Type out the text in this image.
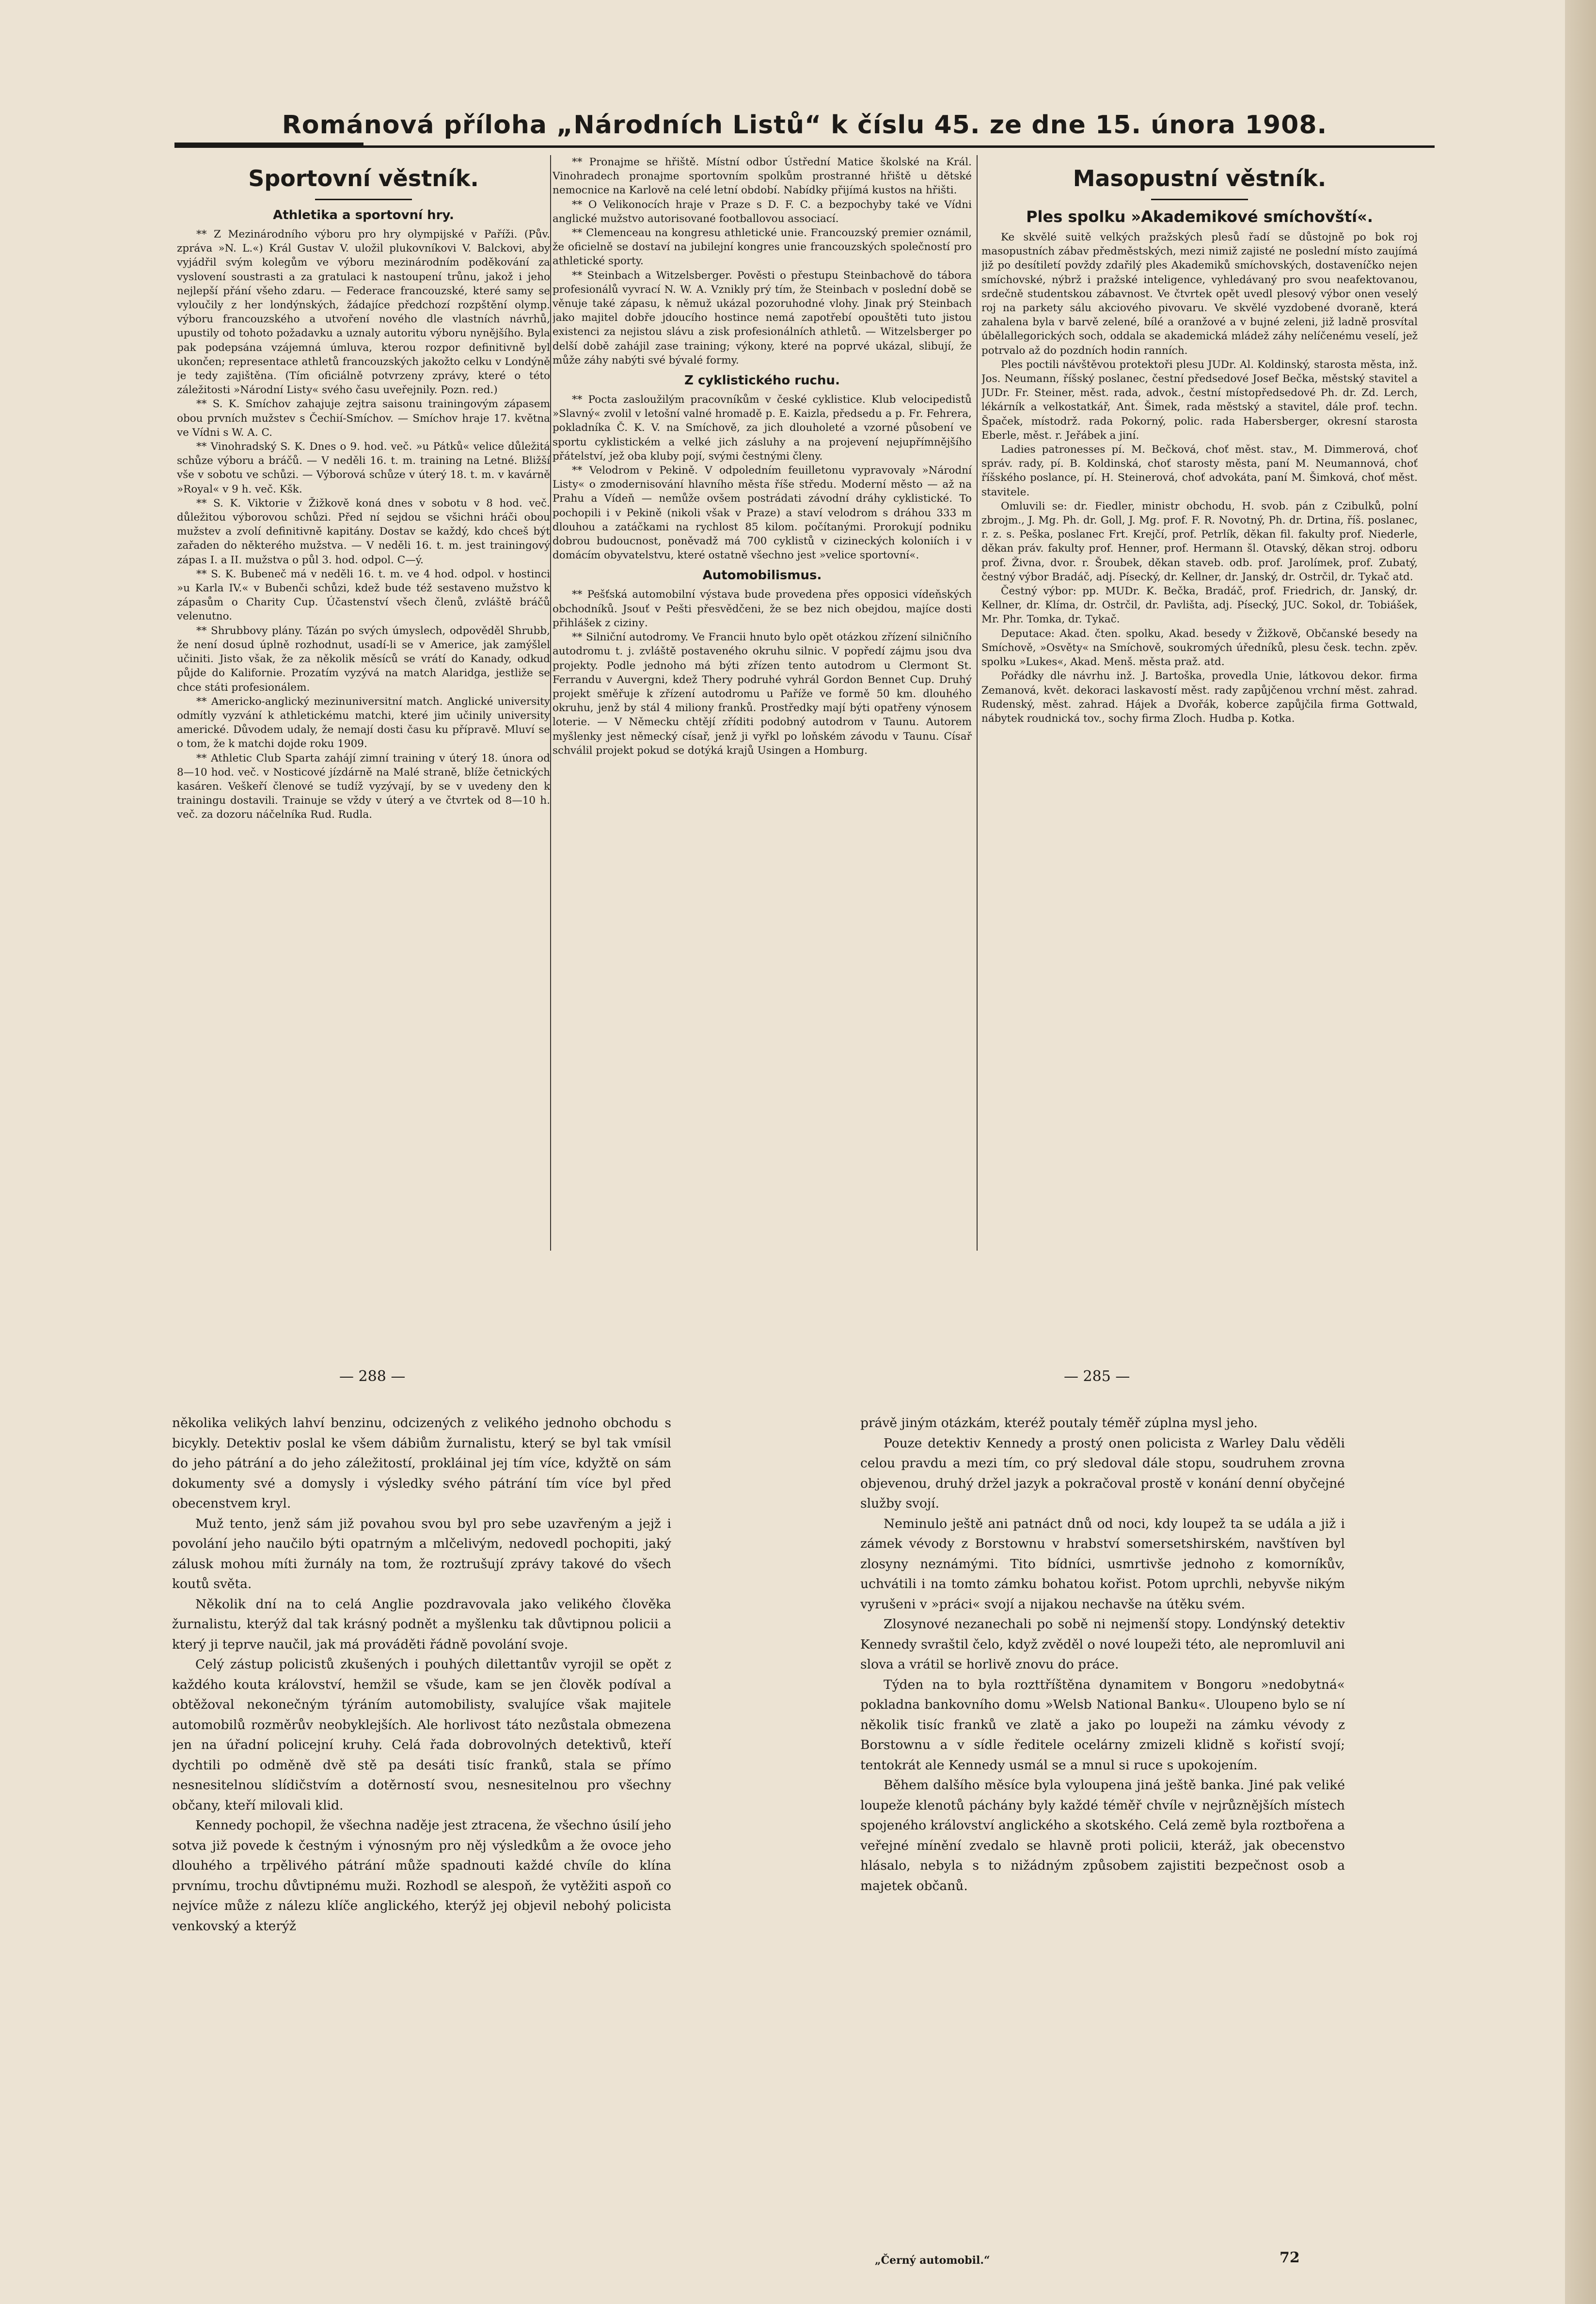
Románová příloha „Národních Listů“ k číslu 45. ze dne 15. února 1908.
Sportovní věstník.
Athletika a sportovní hry.

** Z Mezinárodního výboru pro hry olympijské v Paříži. (Pův. zpráva »N. L.«) Král Gustav V. uložil plukovníkovi V. Balckovi, aby vyjádřil svým kolegům ve výboru mezinárodním poděkování za vyslovení soustrasti a za gratulaci k nastoupení trůnu, jakož i jeho nejlepší přání všeho zdaru. — Federace francouzské, které samy se vyloučily z her londýnských, žádajíce předchozí rozpštění olymp. výboru francouzského a utvoření nového dle vlastních návrhů, upustily od tohoto požadavku a uznaly autoritu výboru nynějšího. Byla pak podepsána vzájemná úmluva, kterou rozpor definitivně byl ukončen; representace athletů francouzských jakožto celku v Londýně je tedy zajištěna. (Tím oficiálně potvrzeny zprávy, které o této záležitosti »Národní Listy« svého času uveřejnily. Pozn. red.)

** S. K. Smíchov zahajuje zejtra saisonu trainingovým zápasem obou prvních mužstev s Čechií-Smíchov. — Smíchov hraje 17. května ve Vídni s W. A. C.

** Vinohradský S. K. Dnes o 9. hod. več. »u Pátků« velice důležitá schůze výboru a bráčů. — V neděli 16. t. m. training na Letné. Bližší vše v sobotu ve schůzi. — Výborová schůze v úterý 18. t. m. v kavárně »Royal« v 9 h. več. Kšk.

** S. K. Viktorie v Žižkově koná dnes v sobotu v 8 hod. več. důležitou výborovou schůzi. Před ní sejdou se všichni hráči obou mužstev a zvolí definitivně kapitány. Dostav se každý, kdo chceš být zařaden do některého mužstva. — V neděli 16. t. m. jest trainingový zápas I. a II. mužstva o půl 3. hod. odpol. C—ý.

** S. K. Bubeneč má v neděli 16. t. m. ve 4 hod. odpol. v hostinci »u Karla IV.« v Bubenči schůzi, kdež bude též sestaveno mužstvo k zápasům o Charity Cup. Účastenství všech členů, zvláště bráčů velenutno.

** Shrubbovy plány. Tázán po svých úmyslech, odpověděl Shrubb, že není dosud úplně rozhodnut, usadí-li se v Americe, jak zamýšlel učiniti. Jisto však, že za několik měsíců se vrátí do Kanady, odkud půjde do Kalifornie. Prozatím vyzývá na match Alaridga, jestliže se chce státi profesionálem.

** Americko-anglický mezinuniversitní match. Anglické university odmítly vyzvání k athletickému matchi, které jim učinily university americké. Důvodem udaly, že nemají dosti času ku přípravě. Mluví se o tom, že k matchi dojde roku 1909.

** Athletic Club Sparta zahájí zimní training v úterý 18. února od 8—10 hod. več. v Nosticové jízdárně na Malé straně, blíže četnických kasáren. Veškeří členové se tudíž vyzývají, by se v uvedeny den k trainingu dostavili. Trainuje se vždy v úterý a ve čtvrtek od 8—10 h. več. za dozoru náčelníka Rud. Rudla.

** Pronajme se hřiště. Místní odbor Ústřední Matice školské na Král. Vinohradech pronajme sportovním spolkům prostranné hřiště u dětské nemocnice na Karlově na celé letní období. Nabídky přijímá kustos na hřišti.

** O Velikonocích hraje v Praze s D. F. C. a bezpochyby také ve Vídni anglické mužstvo autorisované footballovou associací.

** Clemenceau na kongresu athletické unie. Francouzský premier oznámil, že oficielně se dostaví na jubilejní kongres unie francouzských společností pro athletické sporty.

** Steinbach a Witzelsberger. Pověsti o přestupu Steinbachově do tábora profesionálů vyvrací N. W. A. Vznikly prý tím, že Steinbach v poslední době se věnuje také zápasu, k němuž ukázal pozoruhodné vlohy. Jinak prý Steinbach jako majitel dobře jdoucího hostince nemá zapotřebí opouštěti tuto jistou existenci za nejistou slávu a zisk profesionálních athletů. — Witzelsberger po delší době zahájil zase training; výkony, které na poprvé ukázal, slibují, že může záhy nabýti své bývalé formy.

Z cyklistického ruchu.

** Pocta zasloužilým pracovníkům v české cyklistice. Klub velocipedistů »Slavný« zvolil v letošní valné hromadě p. E. Kaizla, předsedu a p. Fr. Fehrera, pokladníka Č. K. V. na Smíchově, za jich dlouholeté a vzorné působení ve sportu cyklistickém a velké jich zásluhy a na projevení nejupřímnějšího přátelství, jež oba kluby pojí, svými čestnými členy.

** Velodrom v Pekině. V odpoledním feuilletonu vypravovaly »Národní Listy« o zmodernisování hlavního města říše středu. Moderní město — až na Prahu a Vídeň — nemůže ovšem postrádati závodní dráhy cyklistické. To pochopili i v Pekině (nikoli však v Praze) a staví velodrom s dráhou 333 m dlouhou a zatáčkami na rychlost 85 kilom. počítanými. Prorokují podniku dobrou budoucnost, poněvadž má 700 cyklistů v cizineckých koloniích i v domácím obyvatelstvu, které ostatně všechno jest »velice sportovní«.

Automobilismus.

** Pešťská automobilní výstava bude provedena přes opposici vídeňských obchodníků. Jsouť v Pešti přesvědčeni, že se bez nich obejdou, majíce dosti přihlášek z cizinу.

** Silniční autodromy. Ve Francii hnuto bylo opět otázkou zřízení silničního autodromu t. j. zvláště postaveného okruhu silnic. V popředí zájmu jsou dva projekty. Podle jednoho má býti zřízen tento autodrom u Clermont St. Ferrandu v Auvergni, kdež Thery podruhé vyhrál Gordon Bennet Cup. Druhý projekt směřuje k zřízení autodromu u Paříže ve formě 50 km. dlouhého okruhu, jenž by stál 4 miliony franků. Prostředky mají býti opatřeny výnosem loterie. — V Německu chtějí zříditi podobný autodrom v Taunu. Autorem myšlenky jest německý císař, jenž ji vyřkl po loňském závodu v Taunu. Císař schválil projekt pokud se dotýká krajů Usingen a Homburg.

Masopustní věstník.
Ples spolku »Akademikové smíchovští«.

Ke skvělé suitě velkých pražských plesů řadí se důstojně po bok roj masopustních zábav předměstských, mezi nimiž zajisté ne poslední místo zaujímá již po desítiletí povždy zdařilý ples Akademiků smíchovských, dostaveníčko nejen smíchovské, nýbrž i pražské inteligence, vyhledávaný pro svou neafektovanou, srdečně studentskou zábavnost. Ve čtvrtek opět uvedl plesový výbor onen veselý roj na parkety sálu akciového pivovaru. Ve skvělé vyzdobené dvoraně, která zahalena byla v barvě zelené, bílé a oranžové a v bujné zeleni, již ladně prosvítal úbělallegorických soch, oddala se akademická mládež záhy nelíčenému veselí, jež potrvalo až do pozdních hodin ranních.

Ples poctili návštěvou protektoři plesu JUDr. Al. Koldinský, starosta města, inž. Jos. Neumann, říšský poslanec, čestní předsedové Josef Bečka, městský stavitel a JUDr. Fr. Steiner, měst. rada, advok., čestní místopředsedové Ph. dr. Zd. Lerch, lékárník a velkostatkář, Ant. Šimek, rada městský a stavitel, dále prof. techn. Špaček, místodrž. rada Pokorný, polic. rada Habersberger, okresní starosta Eberle, měst. r. Jeřábek a jiní.

Ladies patronesses pí. M. Bečková, choť měst. stav., M. Dimmerová, choť správ. rady, pí. B. Koldinská, choť starosty města, paní M. Neumannová, choť říšského poslance, pí. H. Steinerová, choť advokáta, paní M. Šimková, choť měst. stavitele.

Omluvili se: dr. Fiedler, ministr obchodu, H. svob. pán z Czibulků, polní zbrojm., J. Mg. Ph. dr. Goll, J. Mg. prof. F. R. Novotný, Ph. dr. Drtina, říš. poslanec, r. z. s. Peška, poslanec Frt. Krejčí, prof. Petrlík, děkan fil. fakulty prof. Niederle, děkan práv. fakulty prof. Henner, prof. Hermann šl. Otavský, děkan stroj. odboru prof. Živna, dvor. r. Šroubek, děkan staveb. odb. prof. Jarolímek, prof. Zubatý, čestný výbor Bradáč, adj. Písecký, dr. Kellner, dr. Janský, dr. Ostrčil, dr. Tykač atd.

Čestný výbor: pp. MUDr. K. Bečka, Bradáč, prof. Friedrich, dr. Janský, dr. Kellner, dr. Klíma, dr. Ostrčil, dr. Pavlišta, adj. Písecký, JUC. Sokol, dr. Tobiášek, Mr. Phr. Tomka, dr. Tykač.

Deputace: Akad. čten. spolku, Akad. besedy v Žižkově, Občanské besedy na Smíchově, »Osvěty« na Smíchově, soukromých úředníků, plesu česk. techn. zpěv. spolku »Lukes«, Akad. Menš. města praž. atd.

Pořádky dle návrhu inž. J. Bartoška, provedla Unie, látkovou dekor. firma Zemanová, květ. dekoraci laskavostí měst. rady zapůjčenou vrchní měst. zahrad. Rudenský, měst. zahrad. Hájek a Dvořák, kobercе zapůjčila firma Gottwald, nábytek roudnická tov., sochy firma Zloch. Hudba p. Kotka.

— 288 —	— 285 —

několika velikých lahví benzinu, odcizených z velikého jednoho obchodu s bicykly. Detektiv poslal ke všem dábiům žurnalistu, který se byl tak vmísil do jeho pátrání a do jeho záležitostí, prokláinal jej tím více, kdyžtě on sám dokumenty své a domysly i výsledky svého pátrání tím více byl před obecenstvem kryl.

Muž tento, jenž sám již povahou svou byl pro sebe uzavřeným a jejž i povolání jeho naučilo býti opatrným a mlčelivým, nedovedl pochopiti, jaký zálusk mohou míti žurnály na tom, že roztrušují zprávy takové do všech koutů světa.

Několik dní na to celá Anglie pozdravovala jako velikého člověka žurnalistu, kterýž dal tak krásný podnět a myšlenku tak důvtipnou policii a který ji teprve naučil, jak má prováděti řádně povolání svoje.

Celý zástup policistů zkušených i pouhých dilettantův vyrojil se opět z každého kouta království, hemžil se všude, kam se jen člověk podíval a obtěžoval nekonečným týráním automobilisty, svalujíce však majitele automobilů rozměrův neobyklejších. Ale horlivost táto nezůstala obmezena jen na úřadní policejní kruhy. Celá řada dobrovolných detektivů, kteří dychtili po odměně dvě stě pa desáti tisíc franků, stala se přímo nesnesitelnou slídičstvím a dotěrností svou, nesnesitelnou pro všechny občany, kteří milovali klid.

Kennedy pochopil, že všechna naděje jest ztracena, že všechno úsilí jeho sotva již povede k čestným i výnosným pro něj výsledkům a že ovoce jeho dlouhého a trpělivého pátrání může spadnouti každé chvíle do klína prvnímu, trochu důvtipnému muži. Rozhodl se alespoň, že vytěžiti aspoň co nejvíce může z nálezu klíče anglického, kterýž jej objevil nebohý policista venkovský a kterýž

právě jiným otázkám, kteréž poutaly téměř zúplna mysl jeho.

Pouze detektiv Kennedy a prostý onen policista z Warley Dalu věděli celou pravdu a mezi tím, co prý sledoval dále stopu, soudruhem zrovna objevenou, druhý držel jazyk a pokračoval prostě v konání denní obyčejné služby svojí.

Neminulo ještě ani patnáct dnů od noci, kdy loupež ta se udála a již i zámek vévody z Borstownu v hrabství somersetshirském, navštíven byl zlosyny neznámými. Tito bídníci, usmrtivše jednoho z komorníkův, uchvátili i na tomto zámku bohatou kořist. Potom uprchli, nebyvše nikým vyrušeni v »práci« svojí a nijakou nechavše na útěku svém.

Zlosynové nezanechali po sobě ni nejmenší stopy. Londýnský detektiv Kennedy svraštil čelo, když zvěděl o nové loupeži této, ale nepromluvil ani slova a vrátil se horlivě znovu do práce.

Týden na to byla rozttříštěna dynamitem v Bongoru »nedobytná« pokladna bankovního domu »Welsb National Banku«. Uloupeno bylo se ní několik tisíc franků ve zlatě a jako po loupeži na zámku vévody z Borstownu a v sídle ředitele ocelárny zmizeli klidně s kořistí svojí; tentokrát ale Kennedy usmál se a mnul si ruce s upokojením.

Během dalšího měsíce byla vyloupena jiná ještě banka. Jiné pak veliké loupeže klenotů páchány byly každé téměř chvíle v nejrůznějších místech spojeného království anglického a skotského. Celá země byla roztbořena a veřejné mínění zvedalo se hlavně proti policii, kteráž, jak obecenstvo hlásalo, nebyla s to nižádným způsobem zajistiti bezpečnost osob a majetek občanů.

„Černý automobil.“	72
